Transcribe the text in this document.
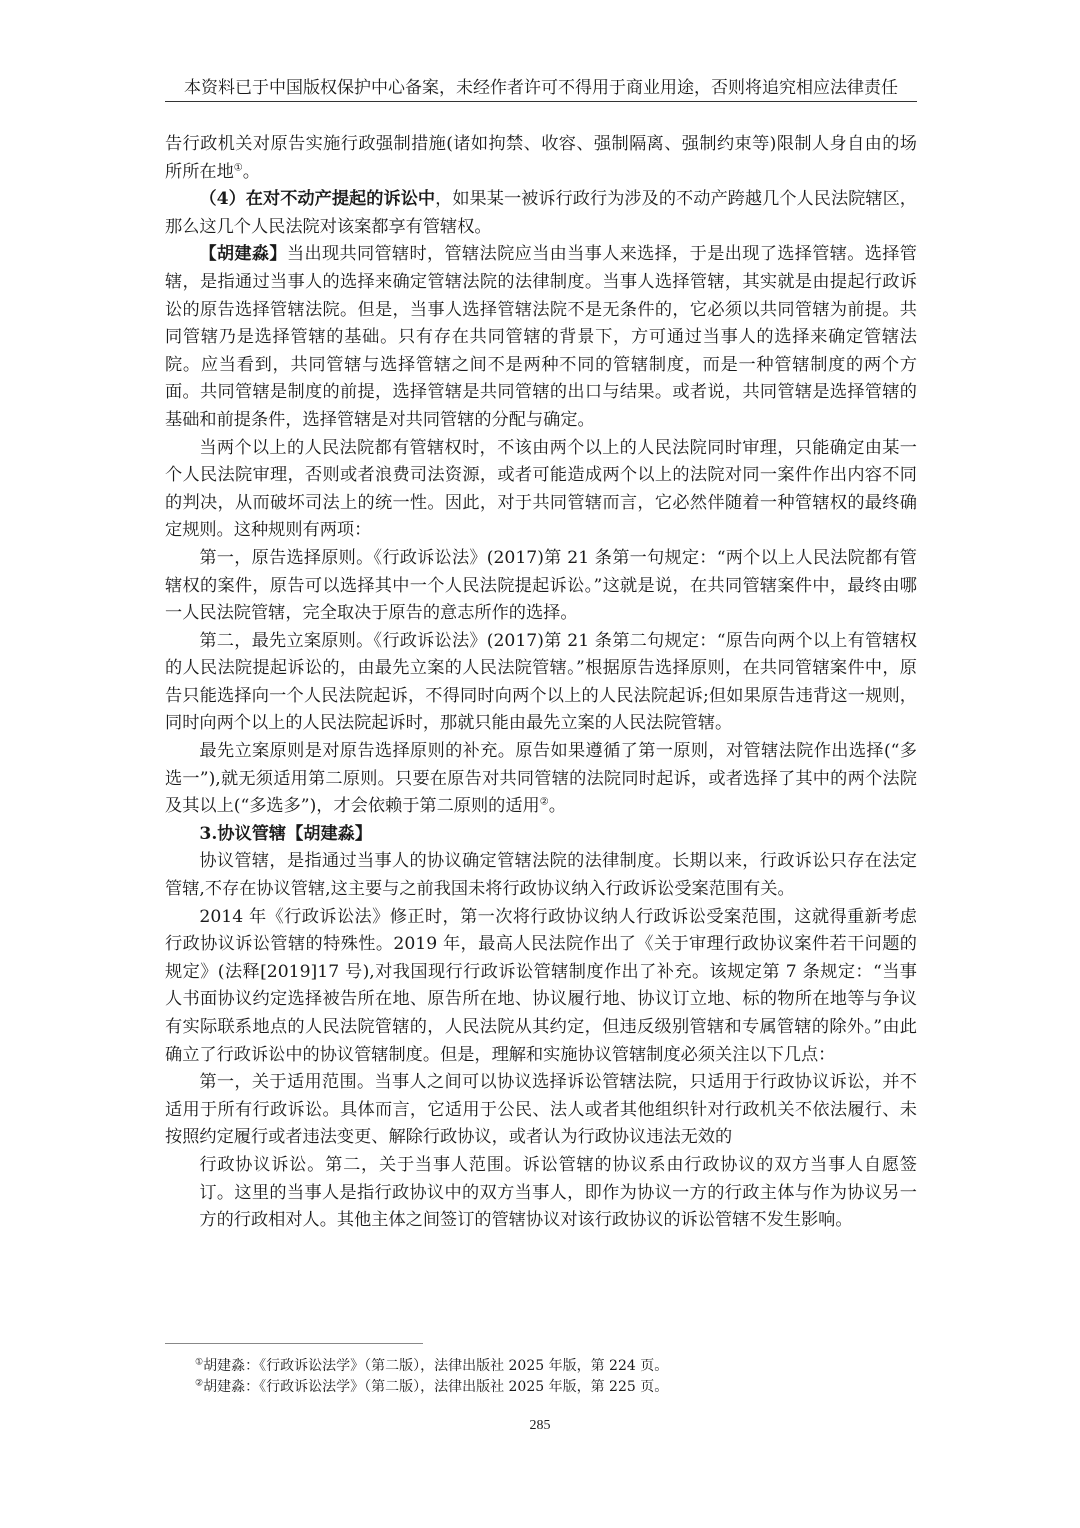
本资料已于中国版权保护中心备案，未经作者许可不得用于商业用途，否则将追究相应法律责任

告行政机关对原告实施行政强制措施(诸如拘禁、收容、强制隔离、强制约束等)限制人身自由的场所所在地①。

（4）在对不动产提起的诉讼中，如果某一被诉行政行为涉及的不动产跨越几个人民法院辖区，那么这几个人民法院对该案都享有管辖权。

【胡建淼】当出现共同管辖时，管辖法院应当由当事人来选择，于是出现了选择管辖。选择管辖，是指通过当事人的选择来确定管辖法院的法律制度。当事人选择管辖，其实就是由提起行政诉讼的原告选择管辖法院。但是，当事人选择管辖法院不是无条件的，它必须以共同管辖为前提。共同管辖乃是选择管辖的基础。只有存在共同管辖的背景下，方可通过当事人的选择来确定管辖法院。应当看到，共同管辖与选择管辖之间不是两种不同的管辖制度，而是一种管辖制度的两个方面。共同管辖是制度的前提，选择管辖是共同管辖的出口与结果。或者说，共同管辖是选择管辖的基础和前提条件，选择管辖是对共同管辖的分配与确定。

当两个以上的人民法院都有管辖权时，不该由两个以上的人民法院同时审理，只能确定由某一个人民法院审理，否则或者浪费司法资源，或者可能造成两个以上的法院对同一案件作出内容不同的判决，从而破坏司法上的统一性。因此，对于共同管辖而言，它必然伴随着一种管辖权的最终确定规则。这种规则有两项：

第一，原告选择原则。《行政诉讼法》(2017)第 21 条第一句规定：“两个以上人民法院都有管辖权的案件，原告可以选择其中一个人民法院提起诉讼。”这就是说，在共同管辖案件中，最终由哪一人民法院管辖，完全取决于原告的意志所作的选择。

第二，最先立案原则。《行政诉讼法》(2017)第 21 条第二句规定：“原告向两个以上有管辖权的人民法院提起诉讼的，由最先立案的人民法院管辖。”根据原告选择原则，在共同管辖案件中，原告只能选择向一个人民法院起诉，不得同时向两个以上的人民法院起诉;但如果原告违背这一规则，同时向两个以上的人民法院起诉时，那就只能由最先立案的人民法院管辖。

最先立案原则是对原告选择原则的补充。原告如果遵循了第一原则，对管辖法院作出选择(“多选一”),就无须适用第二原则。只要在原告对共同管辖的法院同时起诉，或者选择了其中的两个法院及其以上(“多选多”)，才会依赖于第二原则的适用②。

3.协议管辖【胡建淼】

协议管辖，是指通过当事人的协议确定管辖法院的法律制度。长期以来，行政诉讼只存在法定管辖,不存在协议管辖,这主要与之前我国未将行政协议纳入行政诉讼受案范围有关。

2014 年《行政诉讼法》修正时，第一次将行政协议纳人行政诉讼受案范围，这就得重新考虑行政协议诉讼管辖的特殊性。2019 年，最高人民法院作出了《关于审理行政协议案件若干问题的规定》(法释[2019]17 号),对我国现行行政诉讼管辖制度作出了补充。该规定第 7 条规定：“当事人书面协议约定选择被告所在地、原告所在地、协议履行地、协议订立地、标的物所在地等与争议有实际联系地点的人民法院管辖的，人民法院从其约定，但违反级别管辖和专属管辖的除外。”由此确立了行政诉讼中的协议管辖制度。但是，理解和实施协议管辖制度必须关注以下几点：

第一，关于适用范围。当事人之间可以协议选择诉讼管辖法院，只适用于行政协议诉讼，并不适用于所有行政诉讼。具体而言，它适用于公民、法人或者其他组织针对行政机关不依法履行、未按照约定履行或者违法变更、解除行政协议，或者认为行政协议违法无效的

行政协议诉讼。第二，关于当事人范围。诉讼管辖的协议系由行政协议的双方当事人自愿签订。这里的当事人是指行政协议中的双方当事人，即作为协议一方的行政主体与作为协议另一方的行政相对人。其他主体之间签订的管辖协议对该行政协议的诉讼管辖不发生影响。

①胡建淼：《行政诉讼法学》（第二版），法律出版社 2025 年版，第 224 页。
②胡建淼：《行政诉讼法学》（第二版），法律出版社 2025 年版，第 225 页。
285
